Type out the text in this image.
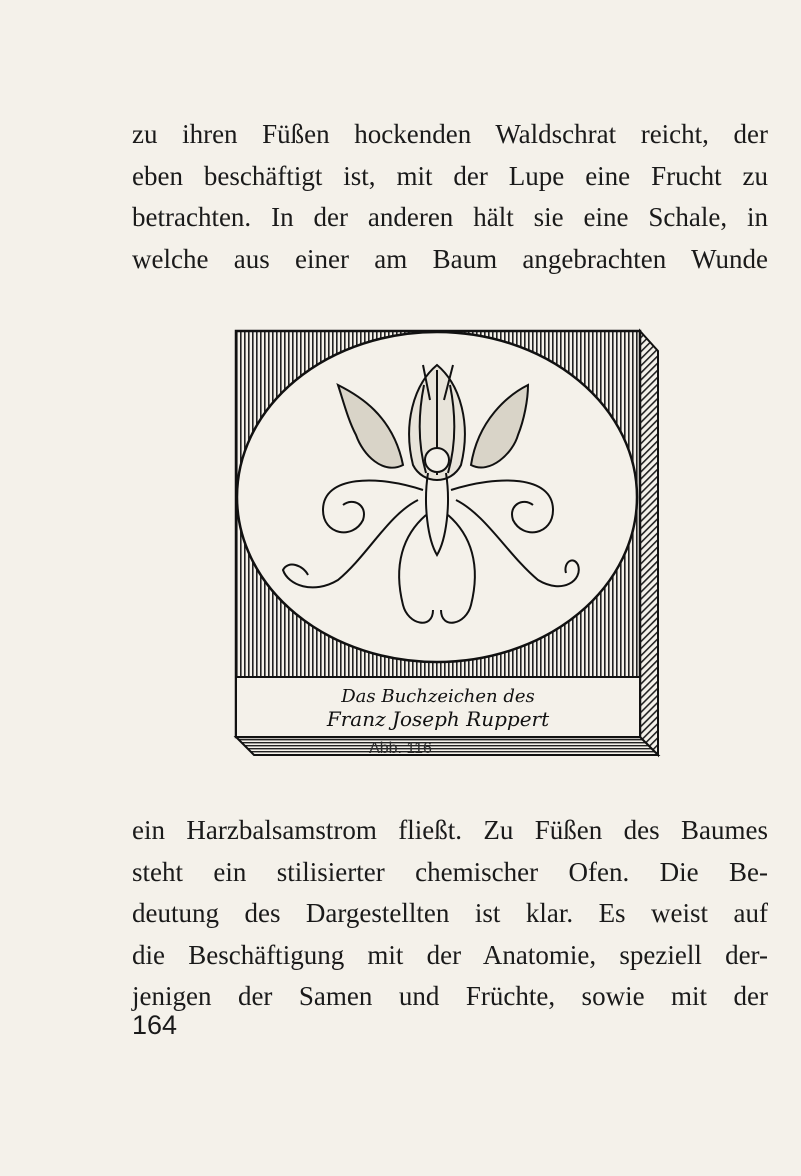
zu ihren Füßen hockenden Waldschrat reicht, der
eben beschäftigt ist, mit der Lupe eine Frucht zu
betrachten. In der anderen hält sie eine Schale, in
welche aus einer am Baum angebrachten Wunde
Das Buchzeichen des
Franz Joseph Ruppert
Abb. 116
ein Harzbalsamstrom fließt. Zu Füßen des Baumes
steht ein stilisierter chemischer Ofen. Die Be-
deutung des Dargestellten ist klar. Es weist auf
die Beschäftigung mit der Anatomie, speziell der-
jenigen der Samen und Früchte, sowie mit der
164
